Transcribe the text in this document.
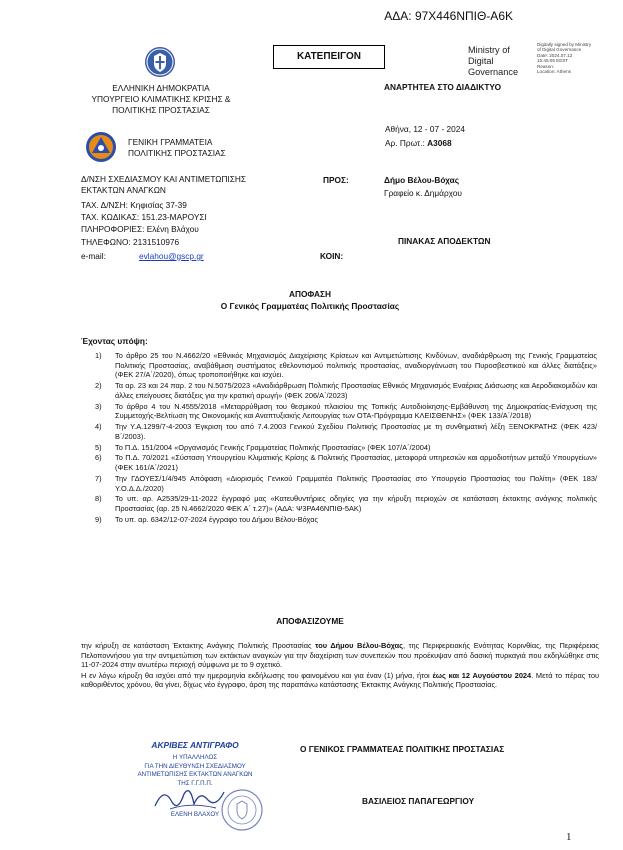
ΑΔΑ: 97Χ446ΝΠΙΘ-Α6Κ
ΚΑΤΕΠΕΙΓΟΝ
Ministry of
Digital
Governance
Digitally signed by Ministry
of Digital Governance
Date: 2024.07.12
15:45:05 EEST
Reason:
Location: Athens
ΕΛΛΗΝΙΚΗ ΔΗΜΟΚΡΑΤΙΑ
ΥΠΟΥΡΓΕΙΟ ΚΛΙΜΑΤΙΚΗΣ ΚΡΙΣΗΣ &
ΠΟΛΙΤΙΚΗΣ ΠΡΟΣΤΑΣΙΑΣ
ΓΕΝΙΚΗ ΓΡΑΜΜΑΤΕΙΑ
ΠΟΛΙΤΙΚΗΣ ΠΡΟΣΤΑΣΙΑΣ
ΑΝΑΡΤΗΤΕΑ ΣΤΟ ΔΙΑΔΙΚΤΥΟ
Αθήνα, 12 - 07 - 2024
Αρ. Πρωτ.: Α3068
Δ/ΝΣΗ ΣΧΕΔΙΑΣΜΟΥ ΚΑΙ ΑΝΤΙΜΕΤΩΠΙΣΗΣ
ΕΚΤΑΚΤΩΝ ΑΝΑΓΚΩΝ
ΤΑΧ. Δ/ΝΣΗ: Κηφισίας 37-39
ΤΑΧ. ΚΩΔΙΚΑΣ: 151.23-ΜΑΡΟΥΣΙ
ΠΛΗΡΟΦΟΡΙΕΣ: Ελένη Βλάχου
ΤΗΛΕΦΩΝΟ: 2131510976
e-mail:	evlahou@gscp.gr
ΠΡΟΣ:	Δήμο Βέλου-Βόχας
Γραφείο κ. Δημάρχου
ΠΙΝΑΚΑΣ ΑΠΟΔΕΚΤΩΝ
ΚΟΙΝ:
ΑΠΟΦΑΣΗ
Ο Γενικός Γραμματέας Πολιτικής Προστασίας
Έχοντας υπόψη:
1) Το άρθρο 25 του Ν.4662/20 «Εθνικός Μηχανισμός Διαχείρισης Κρίσεων και Αντιμετώπισης Κινδύνων, αναδιάρθρωση της Γενικής Γραμματείας Πολιτικής Προστασίας, αναβάθμιση συστήματος εθελοντισμού πολιτικής προστασίας, αναδιοργάνωση του Πυροσβεστικού και άλλες διατάξεις» (ΦΕΚ 27/Α΄/2020), όπως τροποποιήθηκε και ισχύει.
2) Τα αρ. 23 και 24 παρ. 2 του Ν.5075/2023 «Αναδιάρθρωση Πολιτικής Προστασίας Εθνικός Μηχανισμός Εναέριας Διάσωσης και Αεροδιακομιδών και άλλες επείγουσες διατάξεις για την κρατική αρωγή» (ΦΕΚ 206/Α΄/2023)
3) Το άρθρο 4 του Ν.4555/2018 «Μεταρρύθμιση του θεσμικού πλαισίου της Τοπικής Αυτοδιοίκησης-Εμβάθυνση της Δημοκρατίας-Ενίσχυση της Συμμετοχής-Βελτίωση της Οικονομικής και Αναπτυξιακής Λειτουργίας των ΟΤΑ-Πρόγραμμα ΚΛΕΙΣΘΕΝΗΣ» (ΦΕΚ 133/Α΄/2018)
4) Την Υ.Α.1299/7-4-2003 Έγκριση του από 7.4.2003 Γενικού Σχεδίου Πολιτικής Προστασίας με τη συνθηματική λέξη ΞΕΝΟΚΡΑΤΗΣ (ΦΕΚ 423/Β΄/2003).
5) Το Π.Δ. 151/2004 «Οργανισμός Γενικής Γραμματείας Πολιτικής Προστασίας» (ΦΕΚ 107/Α΄/2004)
6) Το Π.Δ. 70/2021 «Σύσταση Υπουργείου Κλιματικής Κρίσης & Πολιτικής Προστασίας, μεταφορά υπηρεσιών και αρμοδιοτήτων μεταξύ Υπουργείων» (ΦΕΚ 161/Α΄/2021)
7) Την ΓΔΟΥΕΣ/1/4/945 Απόφαση «Διορισμός Γενικού Γραμματέα Πολιτικής Προστασίας στο Υπουργείο Προστασίας του Πολίτη» (ΦΕΚ 183/Υ.Ο.Δ.Δ./2020)
8) Το υπ. αρ. Α2535/29-11-2022 έγγραφό μας «Κατευθυντήριες οδηγίες για την κήρυξη περιοχών σε κατάσταση έκτακτης ανάγκης πολιτικής Προστασίας (αρ. 25 Ν.4662/2020 ΦΕΚ Α΄ τ.27)» (ΑΔΑ: Ψ3ΡΑ46ΝΠΙΘ-5ΑΚ)
9) Το υπ. αρ. 6342/12-07-2024 έγγραφο του Δήμου Βέλου-Βόχας
ΑΠΟΦΑΣΙΖΟΥΜΕ
την κήρυξη σε κατάσταση Έκτακτης Ανάγκης Πολιτικής Προστασίας του Δήμου Βέλου-Βόχας, της Περιφερειακής Ενότητας Κορινθίας, της Περιφέρειας Πελοποννήσου για την αντιμετώπιση των εκτάκτων αναγκών για την διαχείριση των συνεπειών που προέκυψαν από δασική πυρκαγιά που εκδηλώθηκε στις 11-07-2024 στην ανωτέρω περιοχή σύμφωνα με το 9 σχετικό.
Η εν λόγω κήρυξη θα ισχύει από την ημερομηνία εκδήλωσης του φαινομένου και για έναν (1) μήνα, ήτοι έως και 12 Αυγούστου 2024. Μετά το πέρας του καθοριθέντος χρόνου, θα γίνει, δίχως νέο έγγραφο, άρση της παραπάνω κατάστασης Έκτακτης Ανάγκης Πολιτικής Προστασίας.
ΑΚΡΙΒΕΣ ΑΝΤΙΓΡΑΦΟ
Η ΥΠΑΛΛΗΛΟΣ
ΓΙΑ ΤΗΝ ΔΙΕΥΘΥΝΣΗ ΣΧΕΔΙΑΣΜΟΥ
ΑΝΤΙΜΕΤΩΠΙΣΗΣ ΕΚΤΑΚΤΩΝ ΑΝΑΓΚΩΝ
ΤΗΣ Γ.Γ.Π.Π.
ΕΛΕΝΗ ΒΛΑΧΟΥ
Ο ΓΕΝΙΚΟΣ ΓΡΑΜΜΑΤΕΑΣ ΠΟΛΙΤΙΚΗΣ ΠΡΟΣΤΑΣΙΑΣ
ΒΑΣΙΛΕΙΟΣ ΠΑΠΑΓΕΩΡΓΙΟΥ
1
